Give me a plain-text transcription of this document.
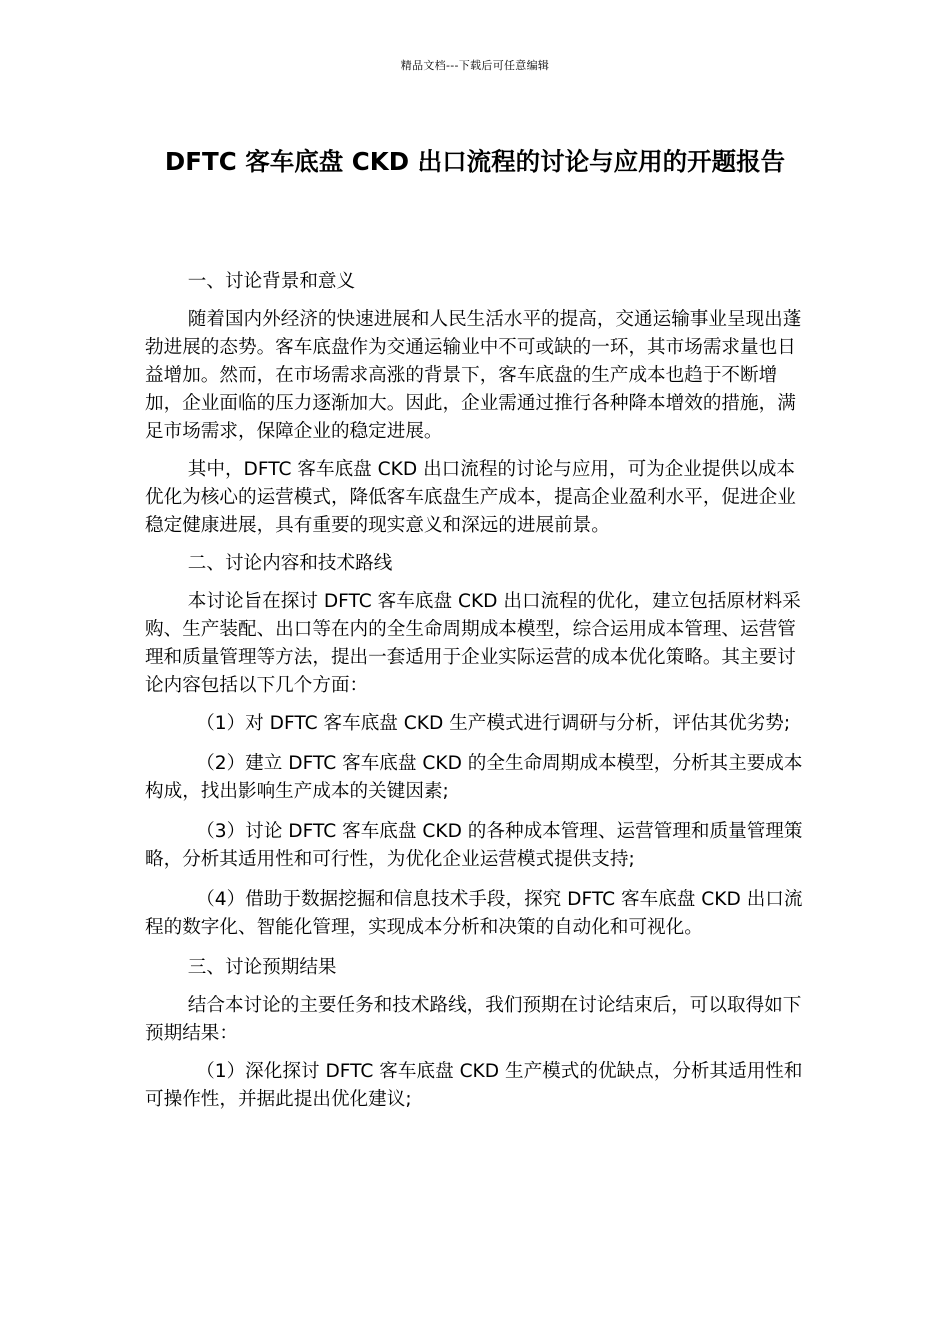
精品文档---下载后可任意编辑
DFTC 客车底盘 CKD 出口流程的讨论与应用的开题报告

一、讨论背景和意义

随着国内外经济的快速进展和人民生活水平的提高，交通运输事业呈现出蓬勃进展的态势。客车底盘作为交通运输业中不可或缺的一环，其市场需求量也日益增加。然而，在市场需求高涨的背景下，客车底盘的生产成本也趋于不断增加，企业面临的压力逐渐加大。因此，企业需通过推行各种降本增效的措施，满足市场需求，保障企业的稳定进展。

其中，DFTC 客车底盘 CKD 出口流程的讨论与应用，可为企业提供以成本优化为核心的运营模式，降低客车底盘生产成本，提高企业盈利水平，促进企业稳定健康进展，具有重要的现实意义和深远的进展前景。

二、讨论内容和技术路线

本讨论旨在探讨 DFTC 客车底盘 CKD 出口流程的优化，建立包括原材料采购、生产装配、出口等在内的全生命周期成本模型，综合运用成本管理、运营管理和质量管理等方法，提出一套适用于企业实际运营的成本优化策略。其主要讨论内容包括以下几个方面：

（1）对 DFTC 客车底盘 CKD 生产模式进行调研与分析，评估其优劣势;

（2）建立 DFTC 客车底盘 CKD 的全生命周期成本模型，分析其主要成本构成，找出影响生产成本的关键因素;

（3）讨论 DFTC 客车底盘 CKD 的各种成本管理、运营管理和质量管理策略，分析其适用性和可行性，为优化企业运营模式提供支持;

（4）借助于数据挖掘和信息技术手段，探究 DFTC 客车底盘 CKD 出口流程的数字化、智能化管理，实现成本分析和决策的自动化和可视化。

三、讨论预期结果

结合本讨论的主要任务和技术路线，我们预期在讨论结束后，可以取得如下预期结果：

（1）深化探讨 DFTC 客车底盘 CKD 生产模式的优缺点，分析其适用性和可操作性，并据此提出优化建议;
